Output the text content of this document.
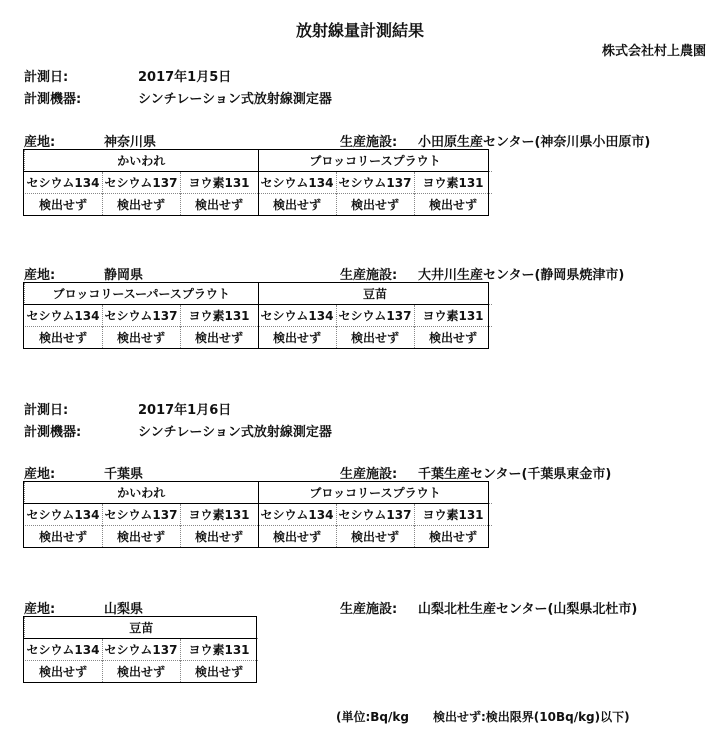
放射線量計測結果
株式会社村上農園
計測日:	2017年1月5日
計測機器:	シンチレーション式放射線測定器
産地:	神奈川県	生産施設: 小田原生産センター(神奈川県小田原市)
かいわれ			ブロッコリースプラウト		
セシウム134	セシウム137	ヨウ素131	セシウム134	セシウム137	ヨウ素131
検出せず	検出せず	検出せず	検出せず	検出せず	検出せず
産地:	静岡県	生産施設: 大井川生産センター(静岡県焼津市)
ブロッコリースーパースプラウト			豆苗		
セシウム134	セシウム137	ヨウ素131	セシウム134	セシウム137	ヨウ素131
検出せず	検出せず	検出せず	検出せず	検出せず	検出せず
計測日:	2017年1月6日
計測機器:	シンチレーション式放射線測定器
産地:	千葉県	生産施設: 千葉生産センター(千葉県東金市)
かいわれ			ブロッコリースプラウト		
セシウム134	セシウム137	ヨウ素131	セシウム134	セシウム137	ヨウ素131
検出せず	検出せず	検出せず	検出せず	検出せず	検出せず
産地:	山梨県	生産施設: 山梨北杜生産センター(山梨県北杜市)
豆苗		
セシウム134	セシウム137	ヨウ素131
検出せず	検出せず	検出せず
(単位:Bq/kg　　検出せず:検出限界(10Bq/kg)以下)
